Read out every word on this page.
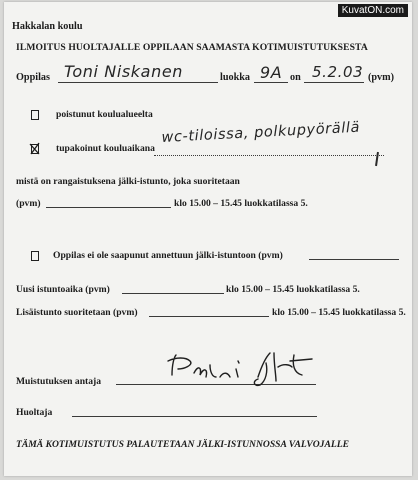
Hakkalan koulu
ILMOITUS HUOLTAJALLE OPPILAAN SAAMASTA KOTIMUISTUTUKSESTA
Oppilas Toni Niskanen	luokka 9A on 5.2.03 (pvm)
poistunut koulualueelta
tupakoinut kouluaikana
wc-tiloissa, polkupyörällä
mistä on rangaistuksena jälki-istunto, joka suoritetaan
(pvm)	klo 15.00 – 15.45 luokkatilassa 5.
Oppilas ei ole saapunut annettuun jälki-istuntoon (pvm)
Uusi istuntoaika (pvm)	klo 15.00 – 15.45 luokkatilassa 5.
Lisäistunto suoritetaan (pvm)	klo 15.00 – 15.45 luokkatilassa 5.
Muistutuksen antaja
Huoltaja
TÄMÄ KOTIMUISTUTUS PALAUTETAAN JÄLKI-ISTUNNOSSA VALVOJALLE
KuvatON.com
